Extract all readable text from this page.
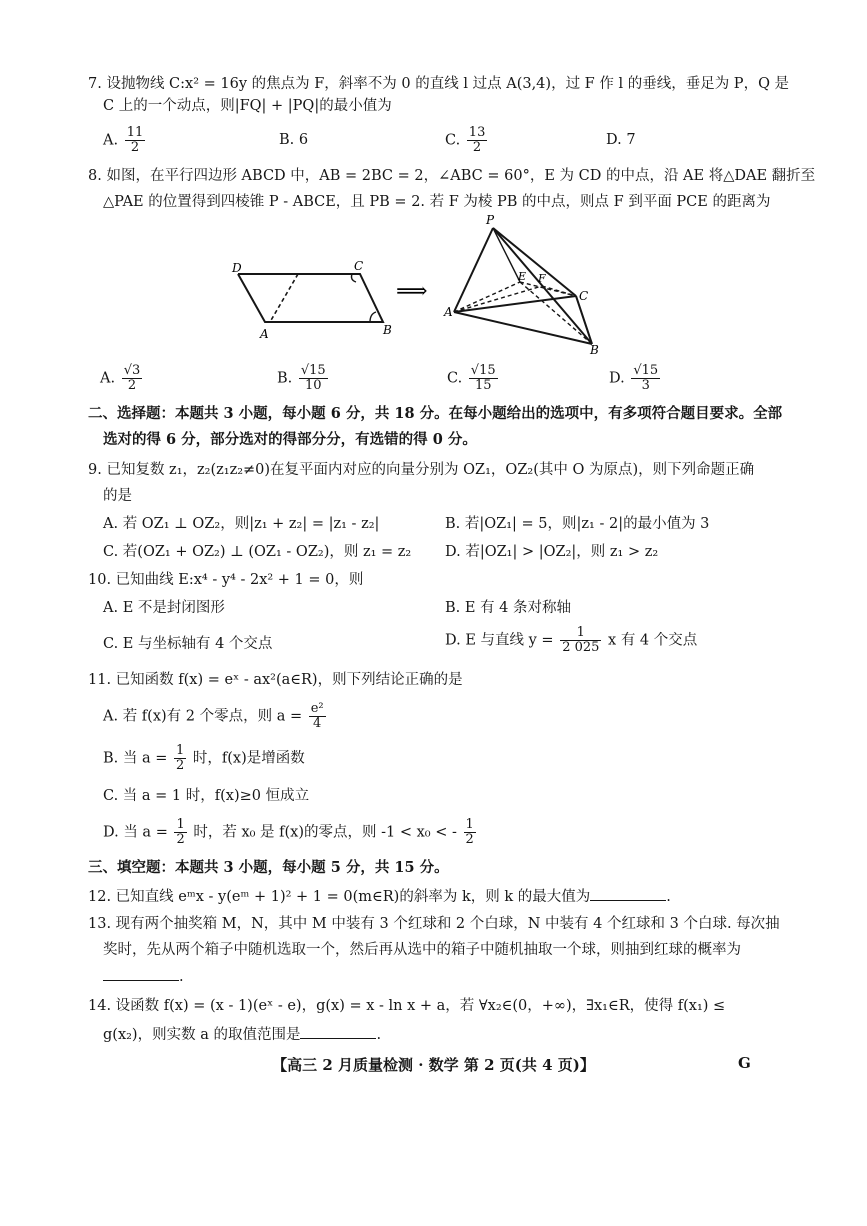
7. 设抛物线 C:x² = 16y 的焦点为 F，斜率不为 0 的直线 l 过点 A(3,4)，过 F 作 l 的垂线，垂足为 P，Q 是
C 上的一个动点，则|FQ| + |PQ|的最小值为
A. $\frac{11}{2}$	B. 6	C. $\frac{13}{2}$	D. 7
8. 如图，在平行四边形 ABCD 中，AB = 2BC = 2，∠ABC = 60°，E 为 CD 的中点，沿 AE 将△DAE 翻折至
△PAE 的位置得到四棱锥 P - ABCE，且 PB = 2. 若 F 为棱 PB 的中点，则点 F 到平面 PCE 的距离为
D	C
A	B
⟹
P
E F
C
A
B
A. $\frac{√3}{2}$	B. $\frac{√15}{10}$	C. $\frac{√15}{15}$	D. $\frac{√15}{3}$
二、选择题：本题共 3 小题，每小题 6 分，共 18 分。在每小题给出的选项中，有多项符合题目要求。全部
选对的得 6 分，部分选对的得部分分，有选错的得 0 分。
9. 已知复数 z₁，z₂(z₁z₂≠0)在复平面内对应的向量分别为 OZ₁，OZ₂(其中 O 为原点)，则下列命题正确
的是
A. 若 OZ₁ ⊥ OZ₂，则|z₁ + z₂| = |z₁ - z₂|	B. 若|OZ₁| = 5，则|z₁ - 2|的最小值为 3
C. 若(OZ₁ + OZ₂) ⊥ (OZ₁ - OZ₂)，则 z₁ = z₂ D. 若|OZ₁| > |OZ₂|，则 z₁ > z₂
10. 已知曲线 E:x⁴ - y⁴ - 2x² + 1 = 0，则
A. E 不是封闭图形	B. E 有 4 条对称轴
C. E 与坐标轴有 4 个交点	D. E 与直线 $y = \frac{1}{2 025}$ x 有 4 个交点
11. 已知函数 f(x) = eˣ - ax²(a∈R)，则下列结论正确的是
A. 若 f(x)有 2 个零点，则 $a = \frac{\text{e²}}{4}$
B. 当 $a = \frac{1}{2}$ 时，f(x)是增函数
C. 当 a = 1 时，f(x)≥0 恒成立
D. 当 $a = \frac{1}{2}$ 时，若 x₀ 是 f(x)的零点，则 -1 < x₀ < - $\frac{1}{2}$
三、填空题：本题共 3 小题，每小题 5 分，共 15 分。
12. 已知直线 eᵐx - y(eᵐ + 1)² + 1 = 0(m∈R)的斜率为 k，则 k 的最大值为	.
13. 现有两个抽奖箱 M，N，其中 M 中装有 3 个红球和 2 个白球，N 中装有 4 个红球和 3 个白球. 每次抽
奖时，先从两个箱子中随机选取一个，然后再从选中的箱子中随机抽取一个球，则抽到红球的概率为
.
14. 设函数 f(x) = (x - 1)(eˣ - e)，g(x) = x - ln x + a，若 ∀x₂∈(0，+∞)，∃x₁∈R，使得 f(x₁) ≤
g(x₂)，则实数 a 的取值范围是	.
【高三 2 月质量检测 · 数学 第 2 页(共 4 页)】	G
